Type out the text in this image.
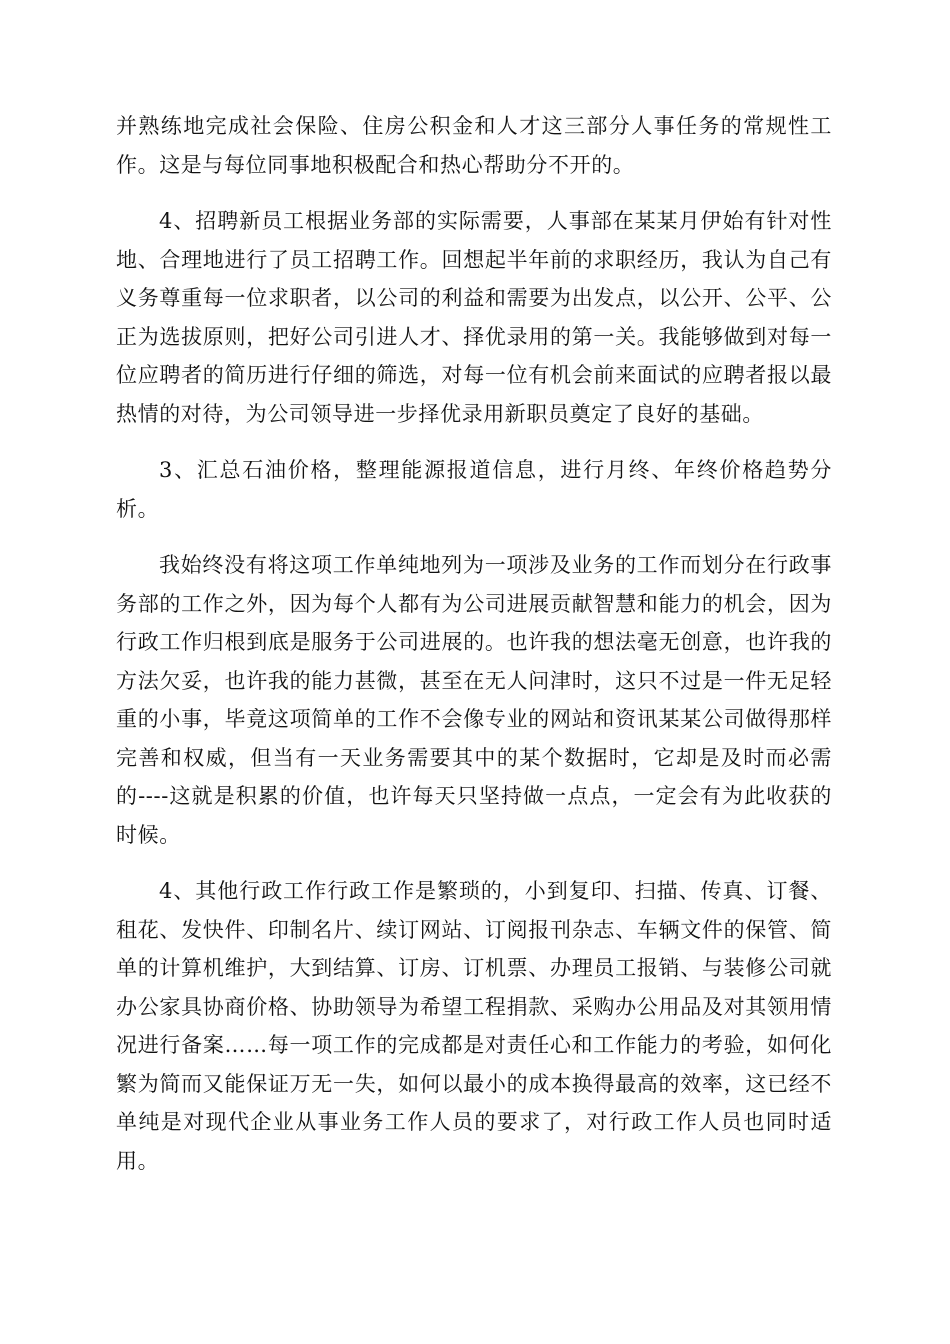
并熟练地完成社会保险、住房公积金和人才这三部分人事任务的常规性工作。这是与每位同事地积极配合和热心帮助分不开的。

4、招聘新员工根据业务部的实际需要，人事部在某某月伊始有针对性地、合理地进行了员工招聘工作。回想起半年前的求职经历，我认为自己有义务尊重每一位求职者，以公司的利益和需要为出发点，以公开、公平、公正为选拔原则，把好公司引进人才、择优录用的第一关。我能够做到对每一位应聘者的简历进行仔细的筛选，对每一位有机会前来面试的应聘者报以最热情的对待，为公司领导进一步择优录用新职员奠定了良好的基础。

3、汇总石油价格，整理能源报道信息，进行月终、年终价格趋势分析。

我始终没有将这项工作单纯地列为一项涉及业务的工作而划分在行政事务部的工作之外，因为每个人都有为公司进展贡献智慧和能力的机会，因为行政工作归根到底是服务于公司进展的。也许我的想法毫无创意，也许我的方法欠妥，也许我的能力甚微，甚至在无人问津时，这只不过是一件无足轻重的小事，毕竟这项简单的工作不会像专业的网站和资讯某某公司做得那样完善和权威，但当有一天业务需要其中的某个数据时，它却是及时而必需的----这就是积累的价值，也许每天只坚持做一点点，一定会有为此收获的时候。

4、其他行政工作行政工作是繁琐的，小到复印、扫描、传真、订餐、租花、发快件、印制名片、续订网站、订阅报刊杂志、车辆文件的保管、简单的计算机维护，大到结算、订房、订机票、办理员工报销、与装修公司就办公家具协商价格、协助领导为希望工程捐款、采购办公用品及对其领用情况进行备案……每一项工作的完成都是对责任心和工作能力的考验，如何化繁为简而又能保证万无一失，如何以最小的成本换得最高的效率，这已经不单纯是对现代企业从事业务工作人员的要求了，对行政工作人员也同时适用。
